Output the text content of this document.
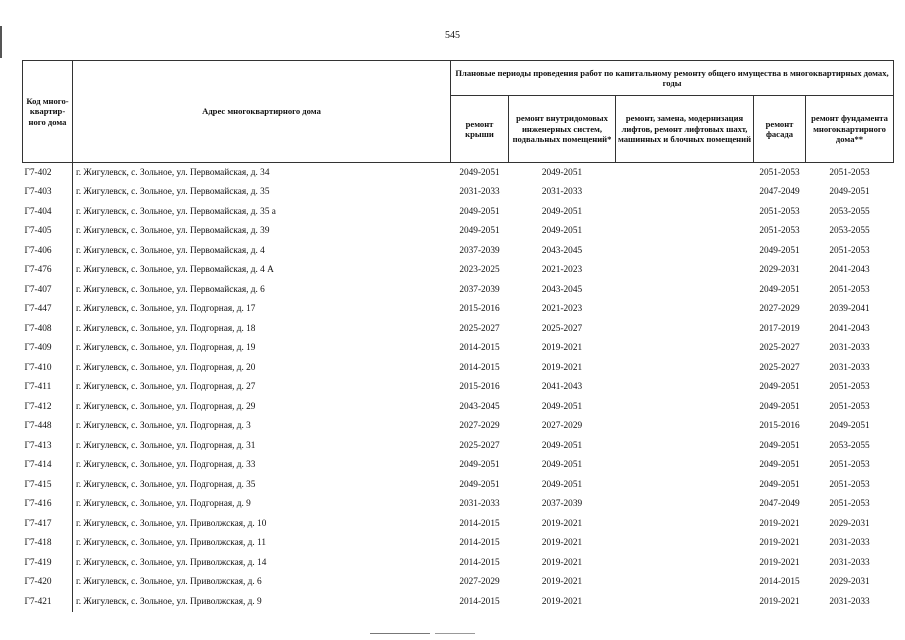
545
Код много-квартир-ного дома	Адрес многоквартирного дома	Плановые периоды проведения работ по капитальному ремонту общего имущества в многоквартирных домах, годы				
		ремонт крыши	ремонт внутридомовых инженерных систем, подвальных помещений*	ремонт, замена, модернизация лифтов, ремонт лифтовых шахт, машинных и блочных помещений	ремонт фасада	ремонт фундамента многоквартирного дома**
Г7-402	г. Жигулевск, с. Зольное, ул. Первомайская, д. 34	2049-2051	2049-2051		2051-2053	2051-2053
Г7-403	г. Жигулевск, с. Зольное, ул. Первомайская, д. 35	2031-2033	2031-2033		2047-2049	2049-2051
Г7-404	г. Жигулевск, с. Зольное, ул. Первомайская, д. 35 а	2049-2051	2049-2051		2051-2053	2053-2055
Г7-405	г. Жигулевск, с. Зольное, ул. Первомайская, д. 39	2049-2051	2049-2051		2051-2053	2053-2055
Г7-406	г. Жигулевск, с. Зольное, ул. Первомайская, д. 4	2037-2039	2043-2045		2049-2051	2051-2053
Г7-476	г. Жигулевск, с. Зольное, ул. Первомайская, д. 4 А	2023-2025	2021-2023		2029-2031	2041-2043
Г7-407	г. Жигулевск, с. Зольное, ул. Первомайская, д. 6	2037-2039	2043-2045		2049-2051	2051-2053
Г7-447	г. Жигулевск, с. Зольное, ул. Подгорная, д. 17	2015-2016	2021-2023		2027-2029	2039-2041
Г7-408	г. Жигулевск, с. Зольное, ул. Подгорная, д. 18	2025-2027	2025-2027		2017-2019	2041-2043
Г7-409	г. Жигулевск, с. Зольное, ул. Подгорная, д. 19	2014-2015	2019-2021		2025-2027	2031-2033
Г7-410	г. Жигулевск, с. Зольное, ул. Подгорная, д. 20	2014-2015	2019-2021		2025-2027	2031-2033
Г7-411	г. Жигулевск, с. Зольное, ул. Подгорная, д. 27	2015-2016	2041-2043		2049-2051	2051-2053
Г7-412	г. Жигулевск, с. Зольное, ул. Подгорная, д. 29	2043-2045	2049-2051		2049-2051	2051-2053
Г7-448	г. Жигулевск, с. Зольное, ул. Подгорная, д. 3	2027-2029	2027-2029		2015-2016	2049-2051
Г7-413	г. Жигулевск, с. Зольное, ул. Подгорная, д. 31	2025-2027	2049-2051		2049-2051	2053-2055
Г7-414	г. Жигулевск, с. Зольное, ул. Подгорная, д. 33	2049-2051	2049-2051		2049-2051	2051-2053
Г7-415	г. Жигулевск, с. Зольное, ул. Подгорная, д. 35	2049-2051	2049-2051		2049-2051	2051-2053
Г7-416	г. Жигулевск, с. Зольное, ул. Подгорная, д. 9	2031-2033	2037-2039		2047-2049	2051-2053
Г7-417	г. Жигулевск, с. Зольное, ул. Приволжская, д. 10	2014-2015	2019-2021		2019-2021	2029-2031
Г7-418	г. Жигулевск, с. Зольное, ул. Приволжская, д. 11	2014-2015	2019-2021		2019-2021	2031-2033
Г7-419	г. Жигулевск, с. Зольное, ул. Приволжская, д. 14	2014-2015	2019-2021		2019-2021	2031-2033
Г7-420	г. Жигулевск, с. Зольное, ул. Приволжская, д. 6	2027-2029	2019-2021		2014-2015	2029-2031
Г7-421	г. Жигулевск, с. Зольное, ул. Приволжская, д. 9	2014-2015	2019-2021		2019-2021	2031-2033
